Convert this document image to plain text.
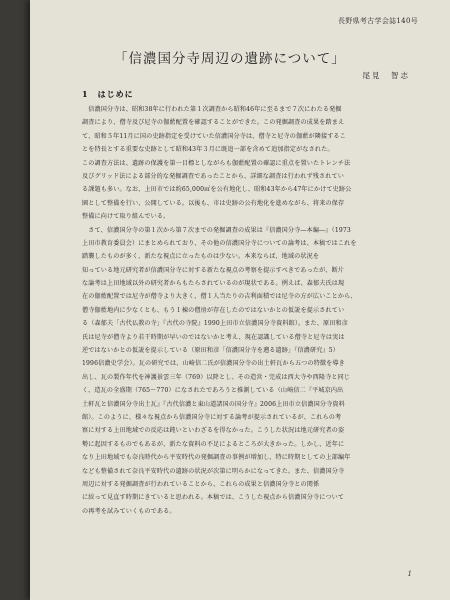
長野県考古学会誌140号
「信濃国分寺周辺の遺跡について」
尾見　智志
1　はじめに
　信濃国分寺は、昭和38年に行われた第１次調査から昭和46年に至るまで７次にわたる発掘
調査により、僧寺及び尼寺の伽藍配置を確認することができた。この発掘調査の成果を踏まえ
て、昭和５年11月に国の史跡指定を受けていた信濃国分寺は、僧寺と尼寺の伽藍が隣接するこ
とを特長とする重要な史跡として昭和43年３月に既追一部を含めて追加指定がなされた。
この調査方法は、遺跡の保護を第一目標としながらも伽藍配置の確認に重点を置いたトレンチ法
及びグリッド法による部分的な発掘調査であったことから、詳細な調査は行われず残されてい
る課題も多い。なお、上田市では約65,000㎡を公有地化し、昭和43年から47年にかけて史跡公
園として整備を行い、公開している。以後も、市は史跡の公有地化を進めながら、将来の保存
整備に向けて取り組んでいる。
　さて、信濃国分寺の第１次から第７次までの発掘調査の成果は『信濃国分寺―本編―』（1973
上田市教育委員会）にまとめられており、その他の信濃国分寺についての論考は、本稿ではこれを
踏襲したものが多く、新たな視点に立ったものは少ない。本来ならば、地域の状況を
知っている地元研究者が信濃国分寺に対する新たな視点の考察を提示すべきであったが、断片
な論考は上田地域以外の研究者からもたらされているのが現状である。例えば、森郁夫氏は現
在の伽藍配置では尼寺が僧寺より大きく、僧１人当たりの吉利面積では尼寺の方が広いことから、
僧寺伽藍地内に少なくとも、もう１棟の僧房が存在したのではないかとの仮説を提示されてい
る（森郁夫「古代仏教の寺」『古代の寺院』1990上田市立信濃国分寺資料館）。また、原田和彦
氏は尼寺が僧寺より若干時期が早いのではないかと考え、現在認識している僧寺と尼寺は実は
逆ではないかとの仮説を提示している（原田和彦「信濃国分寺を遡る遺跡」『信濃研究』5）
1996信濃史学会）。瓦の研究では、山崎信二氏が信濃国分寺の出土軒瓦から五つの特徴を導き
出し、瓦の製作年代を神護景雲三年（769）以降とし、その造営・完成は西大寺や西隆寺と同じ
く、造瓦の全盛期（765～770）になされたであろうと推測している（山崎信二『平城京内出
土軒瓦と信濃国分寺出土瓦』『古代信濃と東山道諸国の国分寺』2006上田市立信濃国分寺資料
館）。このように、様々な視点から信濃国分寺に対する論考が提示されているが、これらの考
察に対する上田地域での反応は鈍いといわざるを得なかった。こうした状況は地元研究者の姿
勢に起因するものでもあるが、新たな資料の不足によるところが大きかった。しかし、近年に
なり上田地域でも奈良時代から平安時代の発掘調査の事例が増加し、特に時期としての上部編年
なども整備されて奈良平安時代の遺跡の状況が次第に明らかになってきた。また、信濃国分寺
周辺に対する発掘調査が行われていることから、これらの成果と信濃国分寺との関係
に絞って見直す時期にきていると思われる。本稿では、こうした視点から信濃国分寺について
の再考を試みていくものである。
1
